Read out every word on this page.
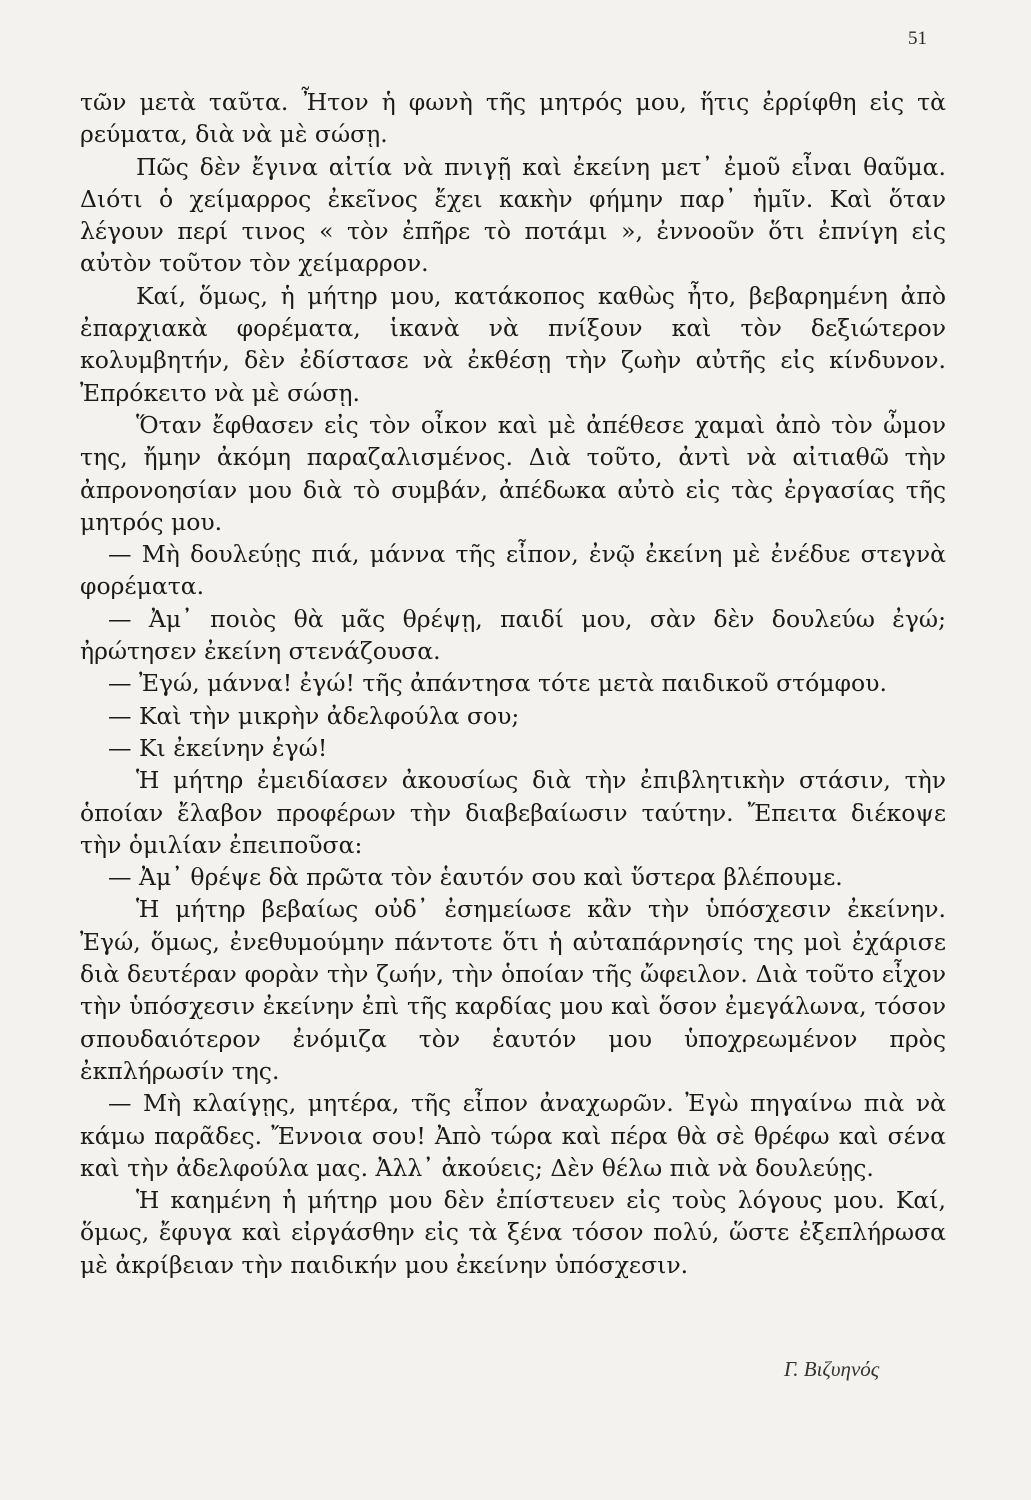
51

τῶν μετὰ ταῦτα. Ἦτον ἡ φωνὴ τῆς μητρός μου, ἥτις ἐρρίφθη εἰς τὰ ρεύματα, διὰ νὰ μὲ σώσῃ.

Πῶς δὲν ἔγινα αἰτία νὰ πνιγῇ καὶ ἐκείνη μετ᾽ ἐμοῦ εἶναι θαῦμα. Διότι ὁ χείμαρρος ἐκεῖνος ἔχει κακὴν φήμην παρ᾽ ἡμῖν. Καὶ ὅταν λέγουν περί τινος « τὸν ἐπῆρε τὸ ποτάμι », ἐννοοῦν ὅτι ἐπνίγη εἰς αὐτὸν τοῦτον τὸν χείμαρρον.

Καί, ὅμως, ἡ μήτηρ μου, κατάκοπος καθὼς ἦτο, βεβαρημένη ἀπὸ ἐπαρχιακὰ φορέματα, ἱκανὰ νὰ πνίξουν καὶ τὸν δεξιώτερον κολυμβητήν, δὲν ἐδίστασε νὰ ἐκθέσῃ τὴν ζωὴν αὐτῆς εἰς κίνδυνον. Ἐπρόκειτο νὰ μὲ σώσῃ.

Ὅταν ἔφθασεν εἰς τὸν οἶκον καὶ μὲ ἀπέθεσε χαμαὶ ἀπὸ τὸν ὦμον της, ἤμην ἀκόμη παραζαλισμένος. Διὰ τοῦτο, ἀντὶ νὰ αἰτιαθῶ τὴν ἀπρονοησίαν μου διὰ τὸ συμβάν, ἀπέδωκα αὐτὸ εἰς τὰς ἐργασίας τῆς μητρός μου.

— Μὴ δουλεύῃς πιά, μάννα τῆς εἶπον, ἐνῷ ἐκείνη μὲ ἐνέδυε στεγνὰ φορέματα.

— Ἀμ᾽ ποιὸς θὰ μᾶς θρέψῃ, παιδί μου, σὰν δὲν δουλεύω ἐγώ; ἠρώτησεν ἐκείνη στενάζουσα.

— Ἐγώ, μάννα! ἐγώ! τῆς ἀπάντησα τότε μετὰ παιδικοῦ στόμφου.

— Καὶ τὴν μικρὴν ἀδελφούλα σου;

— Κι ἐκείνην ἐγώ!

Ἡ μήτηρ ἐμειδίασεν ἀκουσίως διὰ τὴν ἐπιβλητικὴν στάσιν, τὴν ὁποίαν ἔλαβον προφέρων τὴν διαβεβαίωσιν ταύτην. Ἔπειτα διέκοψε τὴν ὁμιλίαν ἐπειποῦσα:

— Ἀμ᾽ θρέψε δὰ πρῶτα τὸν ἑαυτόν σου καὶ ὕστερα βλέπουμε.

Ἡ μήτηρ βεβαίως οὐδ᾽ ἐσημείωσε κἂν τὴν ὑπόσχεσιν ἐκείνην. Ἐγώ, ὅμως, ἐνεθυμούμην πάντοτε ὅτι ἡ αὐταπάρνησίς της μοὶ ἐχάρισε διὰ δευτέραν φορὰν τὴν ζωήν, τὴν ὁποίαν τῆς ὤφειλον. Διὰ τοῦτο εἶχον τὴν ὑπόσχεσιν ἐκείνην ἐπὶ τῆς καρδίας μου καὶ ὅσον ἐμεγάλωνα, τόσον σπουδαιότερον ἐνόμιζα τὸν ἑαυτόν μου ὑποχρεωμένον πρὸς ἐκπλήρωσίν της.

— Μὴ κλαίγῃς, μητέρα, τῆς εἶπον ἀναχωρῶν. Ἐγὼ πηγαίνω πιὰ νὰ κάμω παρᾶδες. Ἔννοια σου! Ἀπὸ τώρα καὶ πέρα θὰ σὲ θρέφω καὶ σένα καὶ τὴν ἀδελφούλα μας. Ἀλλ᾽ ἀκούεις; Δὲν θέλω πιὰ νὰ δουλεύῃς.

Ἡ καημένη ἡ μήτηρ μου δὲν ἐπίστευεν εἰς τοὺς λόγους μου. Καί, ὅμως, ἔφυγα καὶ εἰργάσθην εἰς τὰ ξένα τόσον πολύ, ὥστε ἐξεπλήρωσα μὲ ἀκρίβειαν τὴν παιδικήν μου ἐκείνην ὑπόσχεσιν.

Γ. Βιζυηνός
